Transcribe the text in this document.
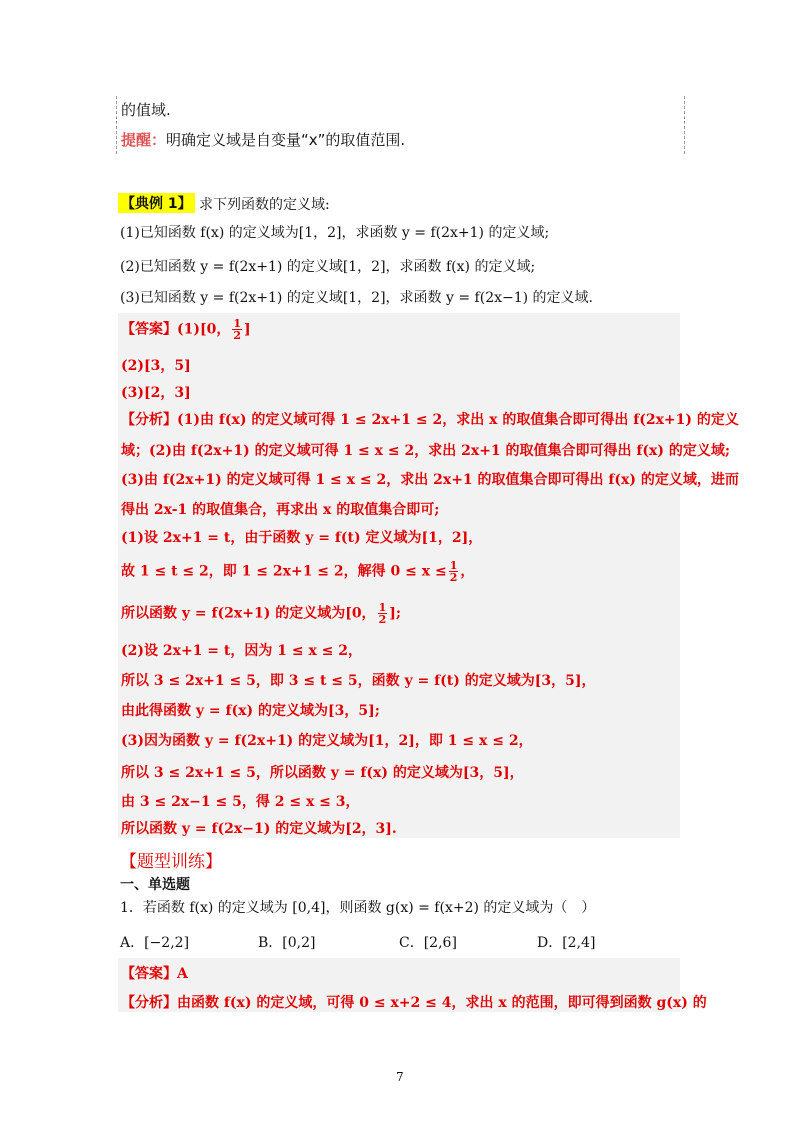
的值域.
提醒：明确定义域是自变量“x”的取值范围.
【典例 1】 求下列函数的定义域:
(1)已知函数 f(x) 的定义域为[1，2]，求函数 y = f(2x+1) 的定义域;
(2)已知函数 y = f(2x+1) 的定义域[1，2]，求函数 f(x) 的定义域;
(3)已知函数 y = f(2x+1) 的定义域[1，2]，求函数 y = f(2x−1) 的定义域.
【答案】(1)[0， $\frac{1}{2}$ ]
(2)[3，5]
(3)[2，3]
【分析】(1)由 f(x) 的定义域可得 1 ≤ 2x+1 ≤ 2，求出 x 的取值集合即可得出 f(2x+1) 的定义
域；(2)由 f(2x+1) 的定义域可得 1 ≤ x ≤ 2，求出 2x+1 的取值集合即可得出 f(x) 的定义域;
(3)由 f(2x+1) 的定义域可得 1 ≤ x ≤ 2，求出 2x+1 的取值集合即可得出 f(x) 的定义域，进而
得出 2x-1 的取值集合，再求出 x 的取值集合即可;
(1)设 2x+1 = t，由于函数 y = f(t) 定义域为[1，2]，
故 1 ≤ t ≤ 2，即 1 ≤ 2x+1 ≤ 2，解得 $0 \le x \le \frac{1}{2}$ ，
所以函数 y = f(2x+1) 的定义域为[0， $\frac{1}{2}$ ];
(2)设 2x+1 = t，因为 1 ≤ x ≤ 2，
所以 3 ≤ 2x+1 ≤ 5，即 3 ≤ t ≤ 5，函数 y = f(t) 的定义域为[3，5]，
由此得函数 y = f(x) 的定义域为[3，5];
(3)因为函数 y = f(2x+1) 的定义域为[1，2]，即 1 ≤ x ≤ 2，
所以 3 ≤ 2x+1 ≤ 5，所以函数 y = f(x) 的定义域为[3，5]，
由 3 ≤ 2x−1 ≤ 5，得 2 ≤ x ≤ 3，
所以函数 y = f(2x−1) 的定义域为[2，3].
【题型训练】
一、单选题
1．若函数 f(x) 的定义域为 [0,4]，则函数 g(x) = f(x+2) 的定义域为（　）
A．[−2,2]	B．[0,2]	C．[2,6]	D．[2,4]
【答案】A
【分析】由函数 f(x) 的定义域，可得 0 ≤ x+2 ≤ 4，求出 x 的范围，即可得到函数 g(x) 的
7
